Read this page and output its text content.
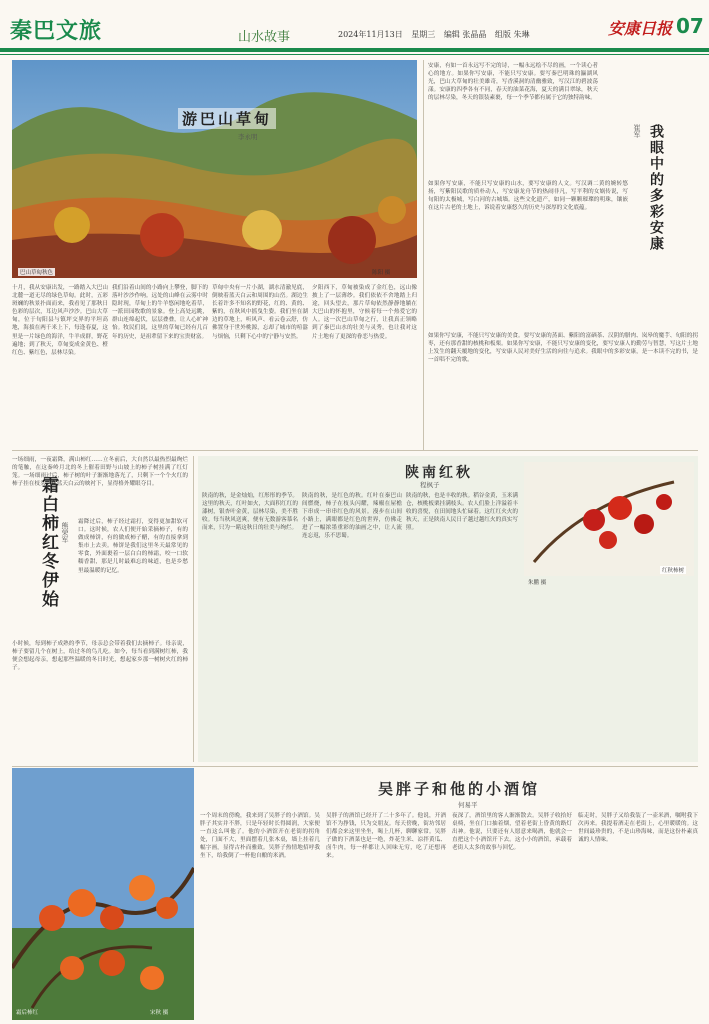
秦巴文旅	山水故事	2024年11月13日 星期三 编辑 张晶晶 组版 朱琳	安康日报 07
游巴山草甸
李永明
巴山草甸秋色	陈阳 摄
十月，我从安康出发，一路踏入大巴山北麓一道无尽的绿色草甸。此时，五彩斑斓的秋景扑面而来，我看见了那秋日色彩的层次，耳边风声沙沙。巴山大草甸，位于旬阳县与镇坪交界的平坦高地，海拔在两千米上下，每逢春夏，这里是一片绿色的海洋，牛羊成群，野花遍地；到了秋天，草甸变成金黄色、橙红色、紫红色，层林尽染。
我们沿着山间的小路向上攀登，脚下的落叶沙沙作响。远处的山峰在云雾中时隐时现，草甸上的牛羊悠闲地吃着草，一派田园牧歌的景象。登上高处远眺，群山连绵起伏，层层叠叠，让人心旷神怡。牧民们说，这里的草甸已经有几百年的历史，是祖辈留下来的宝贵财富。
草甸中央有一片小湖，湖水清澈见底，倒映着蓝天白云和周围的山峦。湖边生长着许多不知名的野花，红的、黄的、紫的，在秋风中摇曳生姿。我们坐在湖边的草地上，听风声、看云卷云舒，仿佛置身于世外桃源，忘却了城市的喧嚣与烦恼，只剩下心中的宁静与安然。
夕阳西下，草甸被染成了金红色，远山像披上了一层薄纱。我们依依不舍地踏上归途，回头望去，那片草甸依然静静地躺在大巴山的怀抱里，守候着每一个热爱它的人。这一次巴山草甸之行，让我真正领略到了秦巴山水的壮美与灵秀，也让我对这片土地有了更深的眷恋与热爱。
安康，有如一首永远写不完的诗，一幅永远绘不尽的画，一个读心者心的地方。如果你写安康，不能只写安康。要写秦巴明珠的瀛湖风光，巴山大草甸的壮美雄奇，写香溪洞的清幽雅致，写汉江的碧波荡漾。安康的四季各有不同，春天的油菜花海，夏天的满目翠绿，秋天的层林尽染，冬天的银装素裹，每一个季节都有属于它的独特韵味。
我眼中的多彩安康
崔军
如果你写安康，不能只写安康的山水，要写安康的人文。写汉调二黄的婉转悠扬，写紫阳民歌的质朴动人，写安康龙舟节的热闹非凡，写平利的女娲传说，写旬阳的太极城，写白河的古城墙。这些文化遗产，如同一颗颗璀璨的明珠，镶嵌在这片古老的土地上，诉说着安康悠久的历史与深厚的文化底蕴。
如果你写安康，不能只写安康的美食。要写安康的蒸面、紫阳的富硒茶、汉阴的腊肉、岚皋的魔芋、旬阳的拐枣，还有那香甜的核桃和板栗。如果你写安康，不能只写安康的变化，要写安康人的勤劳与智慧，写这片土地上发生的翻天覆地的变化，写安康人民对美好生活的向往与追求。我眼中的多彩安康，是一本读不完的书，是一首唱不完的歌。
一场细雨，一夜霜降，满山柿红……立冬前后，大自然以最热烈最绚烂的笔触，在这秦岭月北的冬上催着田野与山坡上的柿子树挂满了红灯笼。一场细雨过后，柿子树的叶子渐渐地落光了，只剩下一个个火红的柿子挂在枝头，在蓝天白云的映衬下，显得格外耀眼夺目。
霜白柿红冬伊始 熊荣军 霜降过后，柿子经过霜打，变得更加甜软可口。这时候，农人们便开始采摘柿子，有的做成柿饼，有的做成柿子醋，有的直接拿到集市上去卖。柿饼是我们这里冬天最常见的零食，外面裹着一层白白的柿霜，咬一口软糯香甜，那是儿时最难忘的味道，也是乡愁里最温暖的记忆。
小时候，每到柿子成熟的季节，母亲总会带着我们去摘柿子。母亲说，柿子要留几个在树上，给过冬的鸟儿吃。如今，每当看到满树红柿，我便会想起母亲，想起那些温暖的冬日时光，想起家乡那一树树火红的柿子。
陕南红秋
程枫子
陕南的秋，是金灿灿，红彤彤的季节。这里的秋天，红叶如火，大面积红红的漆树，银杏叶金黄，层林尽染，美不胜收。每当秋风送爽，便有无数游客慕名而来，只为一睹这秋日的壮美与绚烂。
陕南的秋，是红色的秋。红叶在秦巴山间燃烧，柿子在枝头闪耀，辣椒在屋檐下串成一串串红色的风景。漫步在山间小路上，满眼都是红色的世界，仿佛走进了一幅浓墨重彩的油画之中，让人流连忘返，乐不思蜀。
陕南的秋，也是丰收的秋。稻谷金黄，玉米满仓，核桃板栗挂满枝头。农人们脸上洋溢着丰收的喜悦，在田间地头忙碌着。这红红火火的秋天，正是陕南人民日子越过越红火的真实写照。
红秋柿树
朱鹏 摄
霜后柿红	宋秋 摄
吴胖子和他的小酒馆
何易平
一个周末的傍晚，我来到了吴胖子的小酒馆。吴胖子其实并不胖，只是年轻时长得圆润，大家便一直这么叫他了。他的小酒馆开在老街的拐角处，门面不大，里面摆着几张木桌，墙上挂着几幅字画，显得古朴而雅致。吴胖子热情地招呼我坐下，给我倒了一杯他自酿的米酒。
吴胖子的酒馆已经开了二十多年了。他说，开酒馆不为挣钱，只为交朋友。每天傍晚，街坊邻居们都会来这里坐坐，喝上几杯，聊聊家常。吴胖子做的下酒菜也是一绝，炸花生米、凉拌黄瓜、卤牛肉，每一样都让人回味无穷，吃了还想再来。
夜深了，酒馆里的客人渐渐散去。吴胖子收拾好桌椅，坐在门口抽着烟，望着老街上昏黄的路灯出神。他说，只要还有人愿意来喝酒，他就会一直把这个小酒馆开下去。这小小的酒馆，承载着老街人太多的故事与回忆。
临走时，吴胖子又给我装了一壶米酒，嘱咐我下次再来。我提着酒走在老街上，心里暖暖的。这世间最珍贵的，不是山珍海味，而是这份朴素真诚的人情味。
